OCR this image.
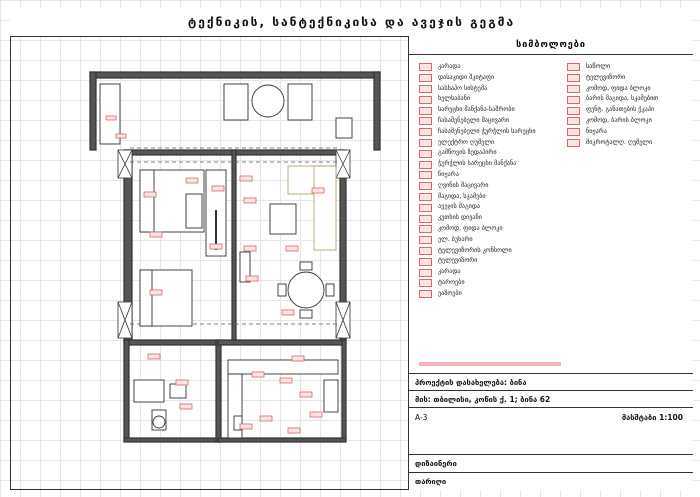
ტექნიკის, სანტექნიკისა და ავეჯის გეგმა
სიმბოლოები
კარადა
დასაკიდი შკიტაფი
სასხაპო სისტემა
ხელსაბანი
სარეცხი მანქანა-საშრობი
ჩასაშენებელი მაცივარი
ჩასაშენებელი ჭურჭლის სარეცხი
ელექტრო ღუმელი
გამწოვის ზედაპირი
ჭურჭლის სარეცხი მანქანა
ნიჟარა
ღვინის მაცივარი
მაგიდა, სკამები
ავეჯის მაგიდა
კუთხის დივანი
კომოდ, ფიდა ბლოკი
ელ. ბუხარი
ტელევიზორის კონსოლი
ტელევიზორი
კარადა
ტაროები
ვაზოები
საწოლი
ტელევიზორი
კომოდ, ფიდა ბლოკი
ბარის მაგიდა, სკამებით
ფენტ. განათების ჭკაპი
კომოდ, ბარის ბლოკი
ნიჟარა
მიკროტალღ. ღუმელი
პროექტის დასახელება: ბინა
მის: თბილისი, კოწის ქ. 1; ბინა 62
A-3	მასშტაბი 1:100
დიზაინერი
თარიღი
